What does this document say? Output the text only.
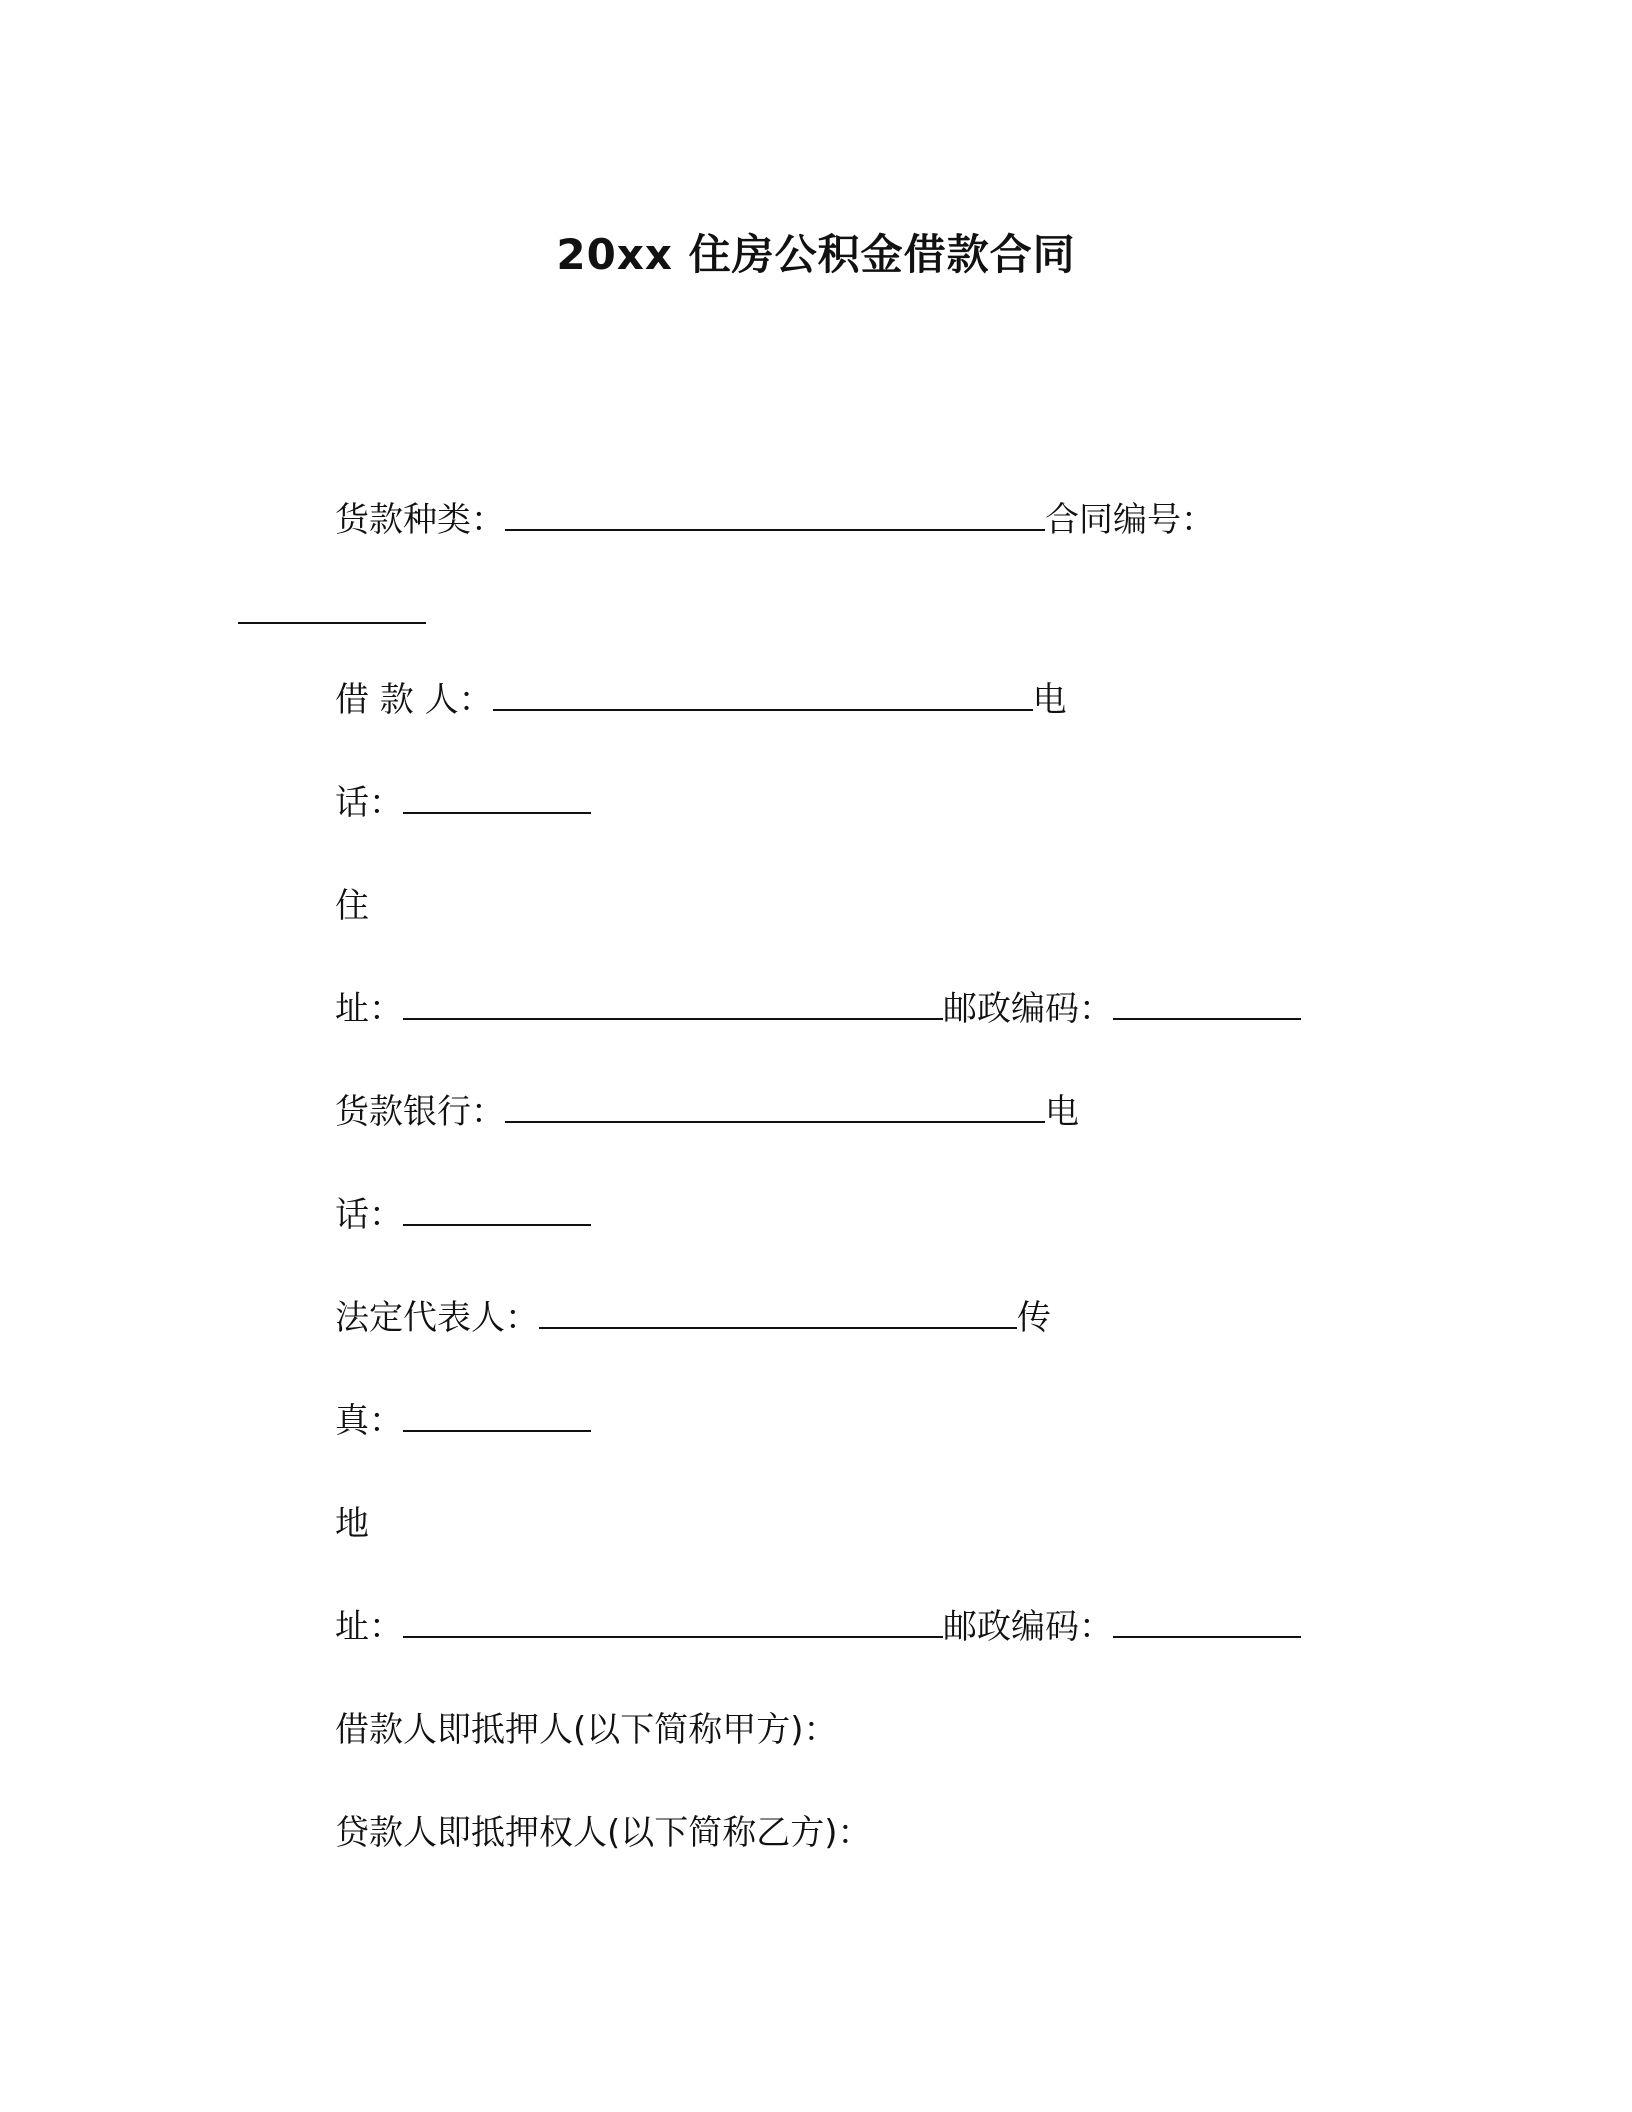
20xx 住房公积金借款合同
货款种类：	合同编号：
借 款 人：	电
话：
住
址：	邮政编码：
货款银行：	电
话：
法定代表人：	传
真：
地
址：	邮政编码：
借款人即抵押人(以下简称甲方)：
贷款人即抵押权人(以下简称乙方)：
